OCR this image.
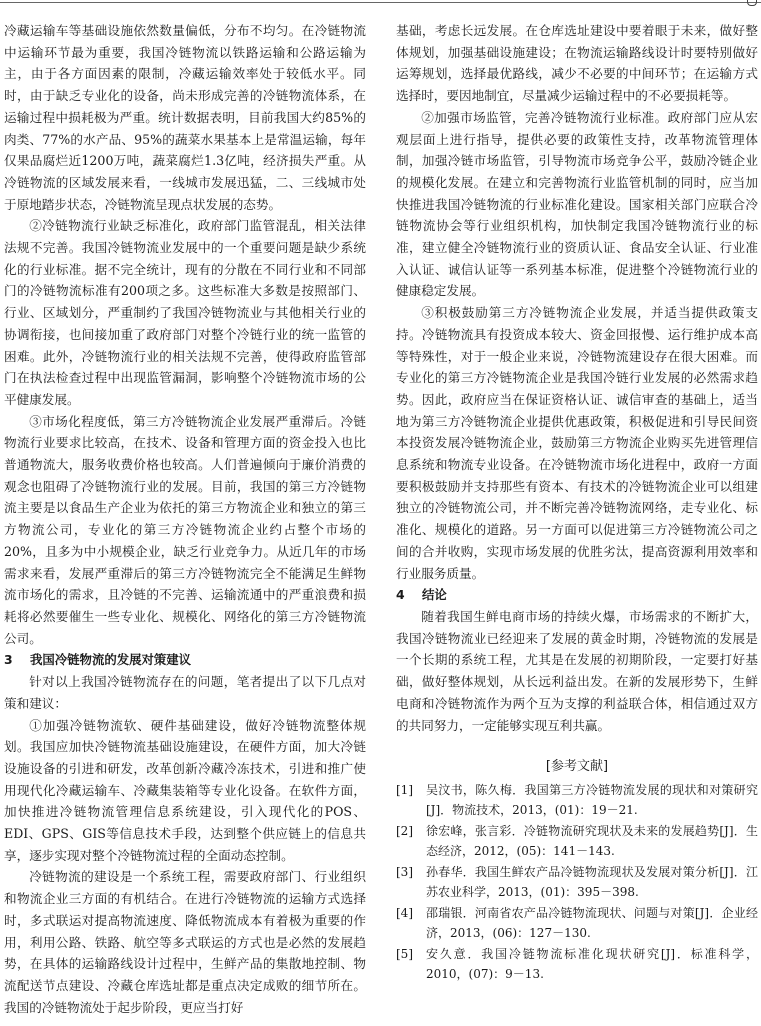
冷藏运输车等基础设施依然数量偏低，分布不均匀。在冷链物流中运输环节最为重要，我国冷链物流以铁路运输和公路运输为主，由于各方面因素的限制，冷藏运输效率处于较低水平。同时，由于缺乏专业化的设备，尚未形成完善的冷链物流体系，在运输过程中损耗极为严重。统计数据表明，目前我国大约85%的肉类、77%的水产品、95%的蔬菜水果基本上是常温运输，每年仅果品腐烂近1200万吨，蔬菜腐烂1.3亿吨，经济损失严重。从冷链物流的区域发展来看，一线城市发展迅猛，二、三线城市处于原地踏步状态，冷链物流呈现点状发展的态势。

②冷链物流行业缺乏标准化，政府部门监管混乱，相关法律法规不完善。我国冷链物流业发展中的一个重要问题是缺少系统化的行业标准。据不完全统计，现有的分散在不同行业和不同部门的冷链物流标准有200项之多。这些标准大多数是按照部门、行业、区域划分，严重制约了我国冷链物流业与其他相关行业的协调衔接，也间接加重了政府部门对整个冷链行业的统一监管的困难。此外，冷链物流行业的相关法规不完善，使得政府监管部门在执法检查过程中出现监管漏洞，影响整个冷链物流市场的公平健康发展。

③市场化程度低，第三方冷链物流企业发展严重滞后。冷链物流行业要求比较高，在技术、设备和管理方面的资金投入也比普通物流大，服务收费价格也较高。人们普遍倾向于廉价消费的观念也阻碍了冷链物流行业的发展。目前，我国的第三方冷链物流主要是以食品生产企业为依托的第三方物流企业和独立的第三方物流公司，专业化的第三方冷链物流企业约占整个市场的20%，且多为中小规模企业，缺乏行业竞争力。从近几年的市场需求来看，发展严重滞后的第三方冷链物流完全不能满足生鲜物流市场化的需求，且冷链的不完善、运输流通中的严重浪费和损耗将必然要催生一些专业化、规模化、网络化的第三方冷链物流公司。

3 我国冷链物流的发展对策建议

针对以上我国冷链物流存在的问题，笔者提出了以下几点对策和建议：

①加强冷链物流软、硬件基础建设，做好冷链物流整体规划。我国应加快冷链物流基础设施建设，在硬件方面，加大冷链设施设备的引进和研发，改革创新冷藏冷冻技术，引进和推广使用现代化冷藏运输车、冷藏集装箱等专业化设备。在软件方面，加快推进冷链物流管理信息系统建设，引入现代化的POS、EDI、GPS、GIS等信息技术手段，达到整个供应链上的信息共享，逐步实现对整个冷链物流过程的全面动态控制。

冷链物流的建设是一个系统工程，需要政府部门、行业组织和物流企业三方面的有机结合。在进行冷链物流的运输方式选择时，多式联运对提高物流速度、降低物流成本有着极为重要的作用，利用公路、铁路、航空等多式联运的方式也是必然的发展趋势，在具体的运输路线设计过程中，生鲜产品的集散地控制、物流配送节点建设、冷藏仓库选址都是重点决定成败的细节所在。我国的冷链物流处于起步阶段，更应当打好

基础，考虑长远发展。在仓库选址建设中要着眼于未来，做好整体规划，加强基础设施建设；在物流运输路线设计时要特别做好运筹规划，选择最优路线，减少不必要的中间环节；在运输方式选择时，要因地制宜，尽量减少运输过程中的不必要损耗等。

②加强市场监管，完善冷链物流行业标准。政府部门应从宏观层面上进行指导，提供必要的政策性支持，改革物流管理体制，加强冷链市场监管，引导物流市场竞争公平，鼓励冷链企业的规模化发展。在建立和完善物流行业监管机制的同时，应当加快推进我国冷链物流的行业标准化建设。国家相关部门应联合冷链物流协会等行业组织机构，加快制定我国冷链物流行业的标准，建立健全冷链物流行业的资质认证、食品安全认证、行业准入认证、诚信认证等一系列基本标准，促进整个冷链物流行业的健康稳定发展。

③积极鼓励第三方冷链物流企业发展，并适当提供政策支持。冷链物流具有投资成本较大、资金回报慢、运行维护成本高等特殊性，对于一般企业来说，冷链物流建设存在很大困难。而专业化的第三方冷链物流企业是我国冷链行业发展的必然需求趋势。因此，政府应当在保证资格认证、诚信审查的基础上，适当地为第三方冷链物流企业提供优惠政策，积极促进和引导民间资本投资发展冷链物流企业，鼓励第三方物流企业购买先进管理信息系统和物流专业设备。在冷链物流市场化进程中，政府一方面要积极鼓励并支持那些有资本、有技术的冷链物流企业可以组建独立的冷链物流公司，并不断完善冷链物流网络，走专业化、标准化、规模化的道路。另一方面可以促进第三方冷链物流公司之间的合并收购，实现市场发展的优胜劣汰，提高资源利用效率和行业服务质量。

4 结论

随着我国生鲜电商市场的持续火爆，市场需求的不断扩大，我国冷链物流业已经迎来了发展的黄金时期，冷链物流的发展是一个长期的系统工程，尤其是在发展的初期阶段，一定要打好基础，做好整体规划，从长远利益出发。在新的发展形势下，生鲜电商和冷链物流作为两个互为支撑的利益联合体，相信通过双方的共同努力，一定能够实现互利共赢。

[参考文献]
[1]	吴汶书，陈久梅．我国第三方冷链物流发展的现状和对策研究[J]．物流技术，2013，(01)：19－21.
[2]	徐宏峰，张言彩．冷链物流研究现状及未来的发展趋势[J]．生态经济，2012，(05)：141－143.
[3]	孙春华．我国生鲜农产品冷链物流现状及发展对策分析[J]．江苏农业科学，2013，(01)：395－398.
[4]	邵瑞银．河南省农产品冷链物流现状、问题与对策[J]．企业经济，2013，(06)：127－130.
[5]	安久意．我国冷链物流标准化现状研究[J]．标准科学，2010，(07)：9－13.
